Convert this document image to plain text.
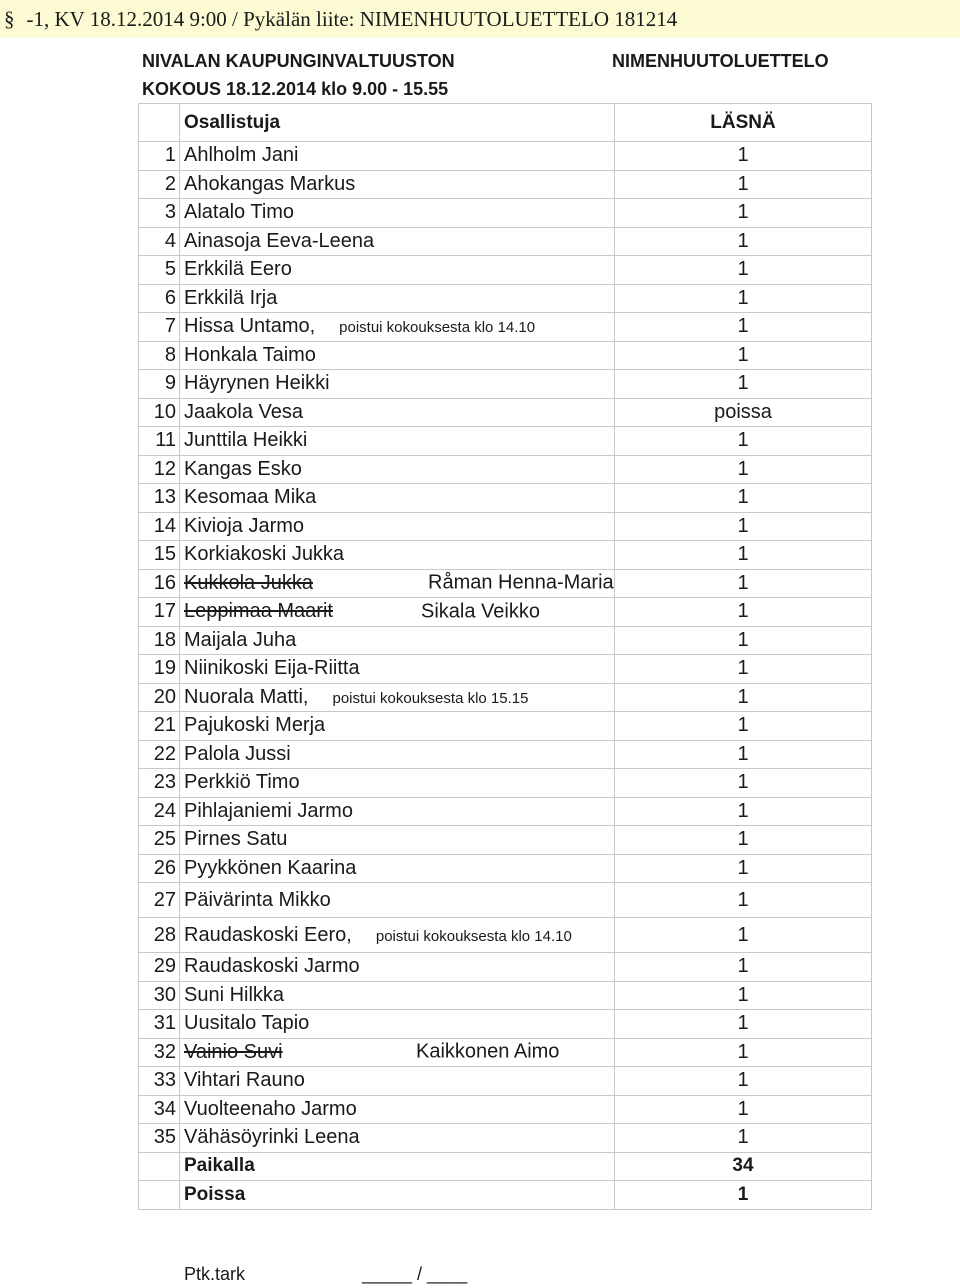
§ -1, KV 18.12.2014 9:00 / Pykälän liite: NIMENHUUTOLUETTELO 181214
NIVALAN KAUPUNGINVALTUUSTON	NIMENHUUTOLUETTELO
KOKOUS 18.12.2014 klo 9.00 - 15.55
	Osallistuja	LÄSNÄ
1	Ahlholm Jani	1
2	Ahokangas Markus	1
3	Alatalo Timo	1
4	Ainasoja Eeva-Leena	1
5	Erkkilä Eero	1
6	Erkkilä Irja	1
7	Hissa Untamo, poistui kokouksesta klo 14.10	1
8	Honkala Taimo	1
9	Häyrynen Heikki	1
10	Jaakola Vesa	poissa
11	Junttila Heikki	1
12	Kangas Esko	1
13	Kesomaa Mika	1
14	Kivioja Jarmo	1
15	Korkiakoski Jukka	1
16	Kukkola Jukka Råman Henna-Maria	1
17	Leppimaa Maarit Sikala Veikko	1
18	Maijala Juha	1
19	Niinikoski Eija-Riitta	1
20	Nuorala Matti, poistui kokouksesta klo 15.15	1
21	Pajukoski Merja	1
22	Palola Jussi	1
23	Perkkiö Timo	1
24	Pihlajaniemi Jarmo	1
25	Pirnes Satu	1
26	Pyykkönen Kaarina	1
27	Päivärinta Mikko	1
28	Raudaskoski Eero, poistui kokouksesta klo 14.10	1
29	Raudaskoski Jarmo	1
30	Suni Hilkka	1
31	Uusitalo Tapio	1
32	Vainio Suvi Kaikkonen Aimo	1
33	Vihtari Rauno	1
34	Vuolteenaho Jarmo	1
35	Vähäsöyrinki Leena	1
	Paikalla	34
	Poissa	1
Ptk.tark	_____ / ____
